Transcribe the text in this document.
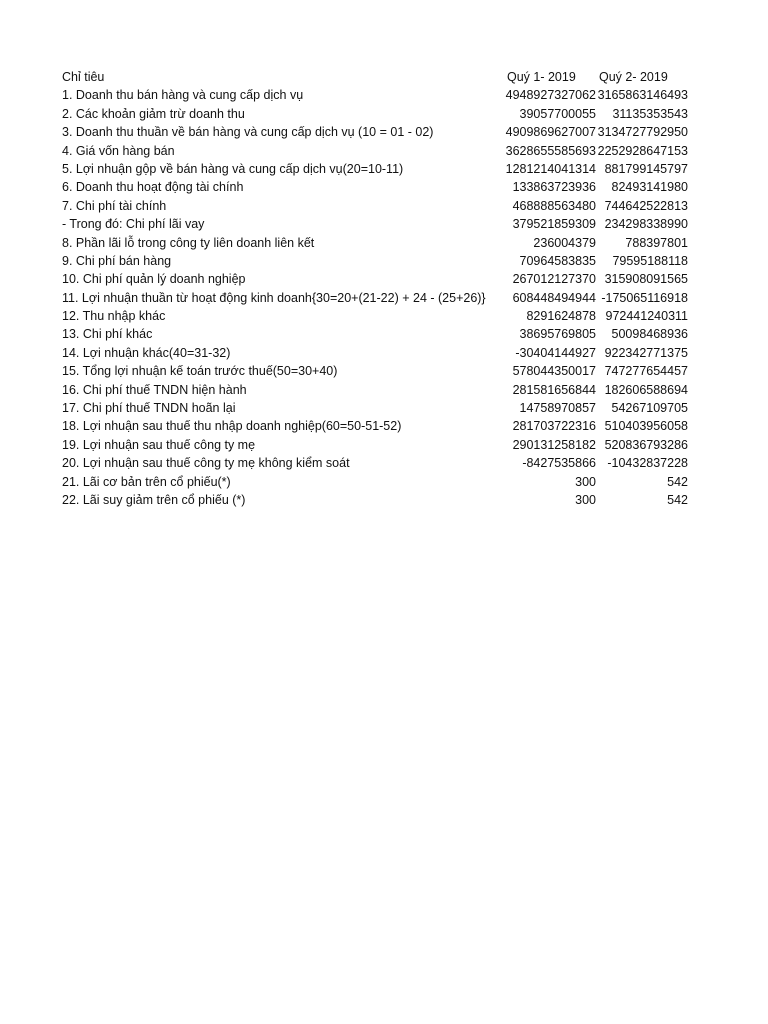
Chỉ tiêu	Quý 1- 2019 Quý 2- 2019
1. Doanh thu bán hàng và cung cấp dịch vụ	4948927327062 3165863146493
2. Các khoản giảm trừ doanh thu	39057700055 31135353543
3. Doanh thu thuần về bán hàng và cung cấp dịch vụ (10 = 01 - 02)	4909869627007 3134727792950
4. Giá vốn hàng bán	3628655585693 2252928647153
5. Lợi nhuận gộp về bán hàng và cung cấp dịch vụ(20=10-11)	1281214041314 881799145797
6. Doanh thu hoạt động tài chính	133863723936 82493141980
7. Chi phí tài chính	468888563480 744642522813
- Trong đó: Chi phí lãi vay	379521859309 234298338990
8. Phần lãi lỗ trong công ty liên doanh liên kết	236004379 788397801
9. Chi phí bán hàng	70964583835 79595188118
10. Chi phí quản lý doanh nghiệp	267012127370 315908091565
11. Lợi nhuận thuần từ hoạt động kinh doanh{30=20+(21-22) + 24 - (25+26)} 608448494944 -175065116918
12. Thu nhập khác	8291624878 972441240311
13. Chi phí khác	38695769805 50098468936
14. Lợi nhuận khác(40=31-32)	-30404144927 922342771375
15. Tổng lợi nhuận kế toán trước thuế(50=30+40)	578044350017 747277654457
16. Chi phí thuế TNDN hiện hành	281581656844 182606588694
17. Chi phí thuế TNDN hoãn lại	14758970857 54267109705
18. Lợi nhuận sau thuế thu nhập doanh nghiệp(60=50-51-52)	281703722316 510403956058
19. Lợi nhuận sau thuế công ty mẹ	290131258182 520836793286
20. Lợi nhuận sau thuế công ty mẹ không kiểm soát	-8427535866 -10432837228
21. Lãi cơ bản trên cổ phiếu(*)	300	542
22. Lãi suy giảm trên cổ phiếu (*)	300	542
